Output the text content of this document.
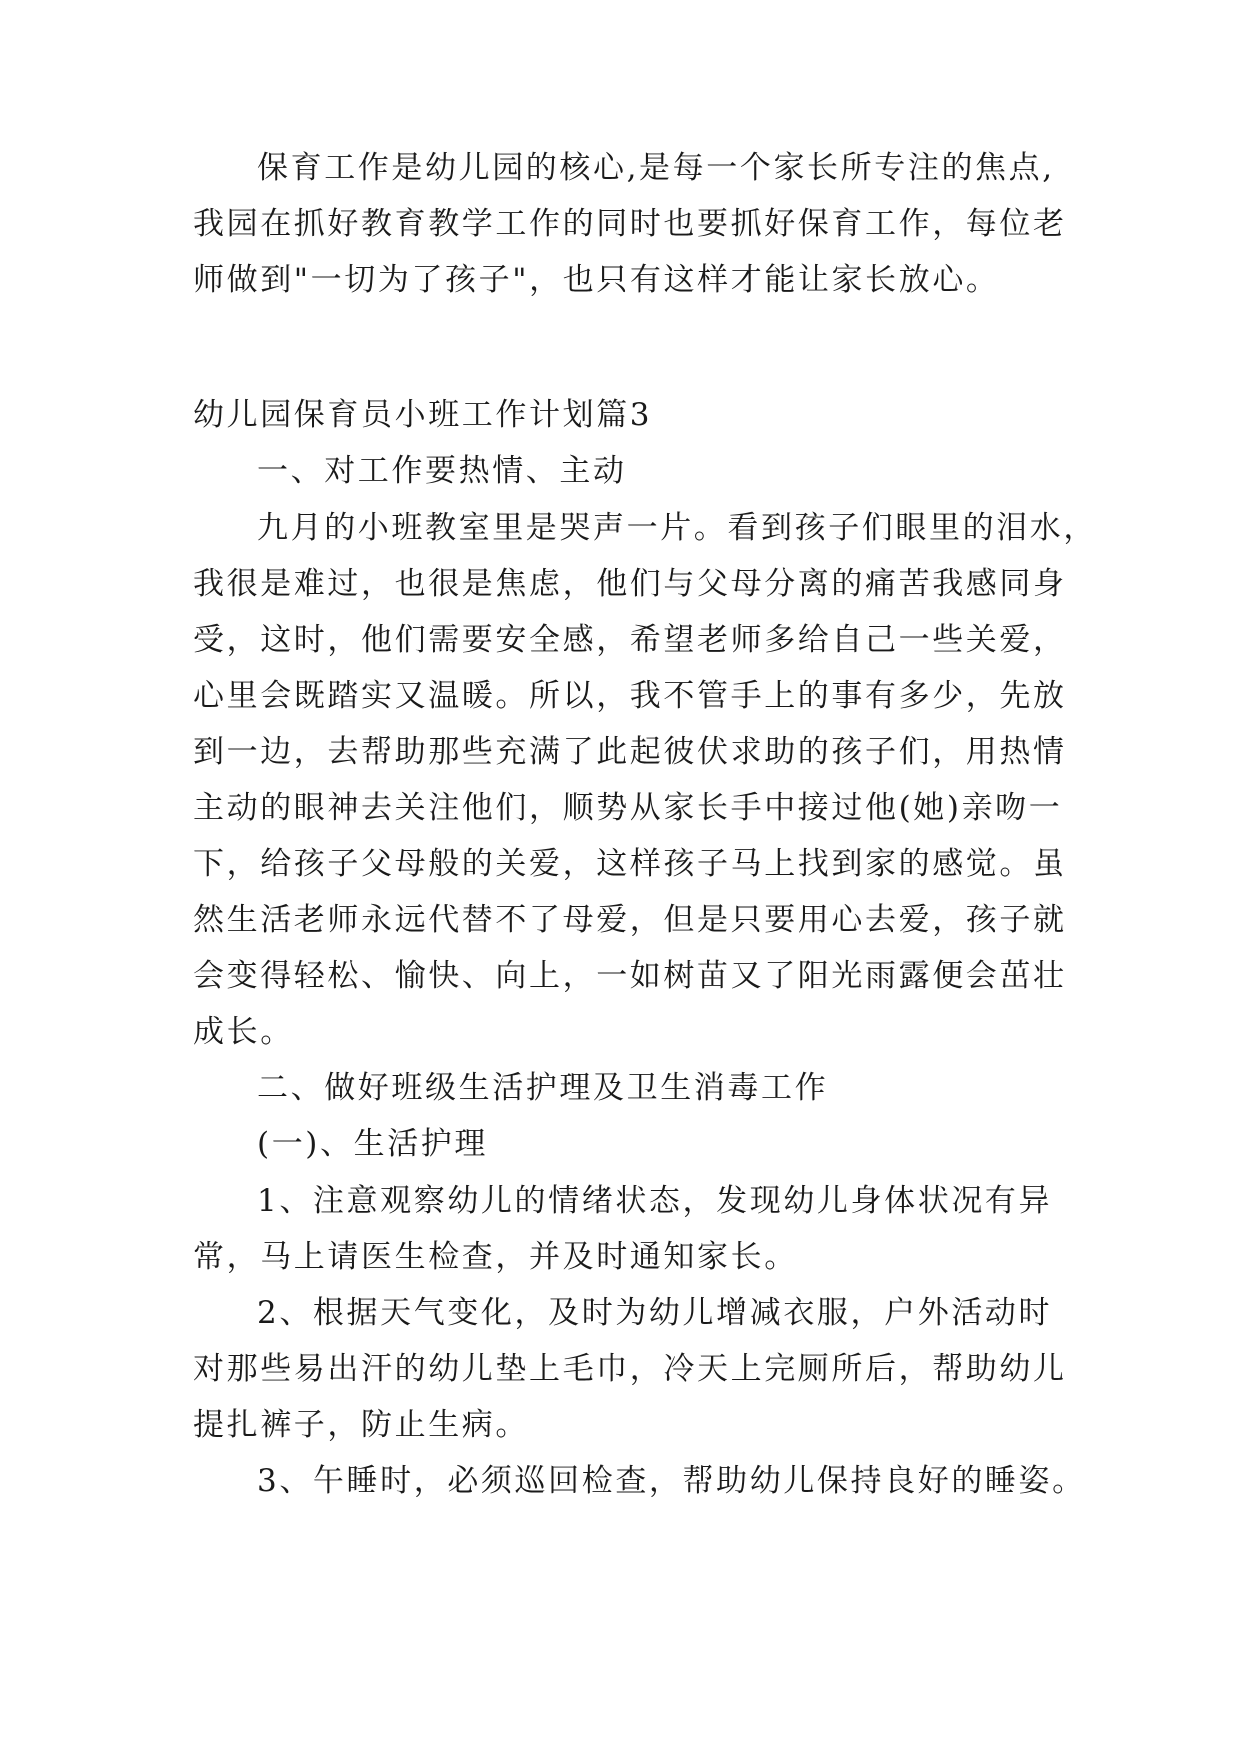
保育工作是幼儿园的核心,是每一个家长所专注的焦点,
我园在抓好教育教学工作的同时也要抓好保育工作，每位老
师做到"一切为了孩子"，也只有这样才能让家长放心。
幼儿园保育员小班工作计划篇3
一、对工作要热情、主动
九月的小班教室里是哭声一片。看到孩子们眼里的泪水，
我很是难过，也很是焦虑，他们与父母分离的痛苦我感同身
受，这时，他们需要安全感，希望老师多给自己一些关爱，
心里会既踏实又温暖。所以，我不管手上的事有多少，先放
到一边，去帮助那些充满了此起彼伏求助的孩子们，用热情
主动的眼神去关注他们，顺势从家长手中接过他(她)亲吻一
下，给孩子父母般的关爱，这样孩子马上找到家的感觉。虽
然生活老师永远代替不了母爱，但是只要用心去爱，孩子就
会变得轻松、愉快、向上，一如树苗又了阳光雨露便会茁壮
成长。
二、做好班级生活护理及卫生消毒工作
(一)、生活护理
1、注意观察幼儿的情绪状态，发现幼儿身体状况有异
常，马上请医生检查，并及时通知家长。
2、根据天气变化，及时为幼儿增减衣服，户外活动时
对那些易出汗的幼儿垫上毛巾，冷天上完厕所后，帮助幼儿
提扎裤子，防止生病。
3、午睡时，必须巡回检查，帮助幼儿保持良好的睡姿。
